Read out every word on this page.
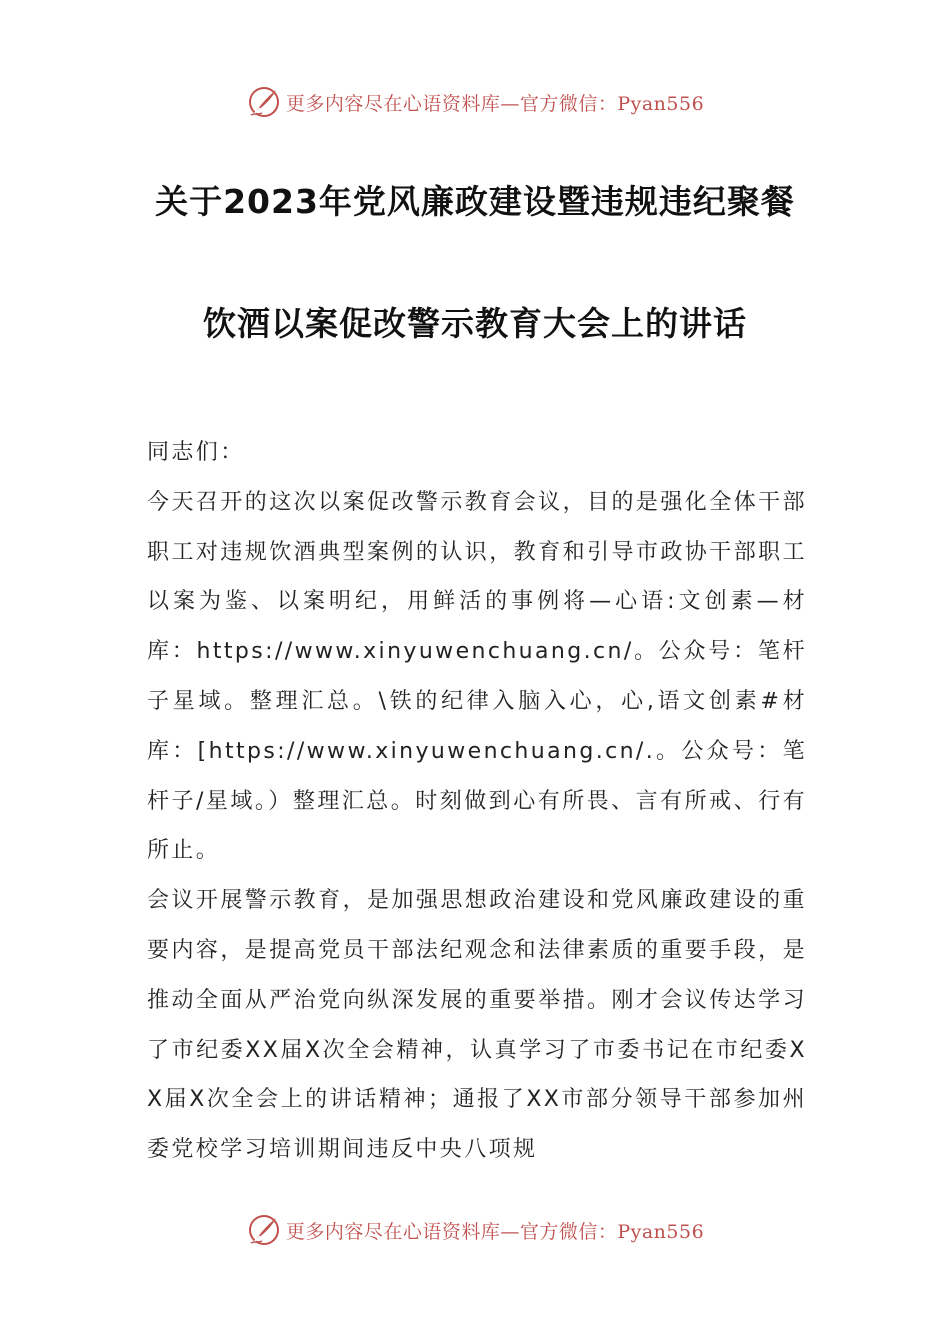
更多内容尽在心语资料库—官方微信：Pyan556
关于2023年党风廉政建设暨违规违纪聚餐
饮酒以案促改警示教育大会上的讲话

同志们：

今天召开的这次以案促改警示教育会议，目的是强化全体干部职工对违规饮酒典型案例的认识，教育和引导市政协干部职工以案为鉴、以案明纪，用鲜活的事例将—心语:文创素—材库：https://www.xinyuwenchuang.cn/。公众号：笔杆子星域。整理汇总。\铁的纪律入脑入心，心,语文创素#材库：[https://www.xinyuwenchuang.cn/.。公众号：笔杆子/星域。）整理汇总。时刻做到心有所畏、言有所戒、行有所止。

会议开展警示教育，是加强思想政治建设和党风廉政建设的重要内容，是提高党员干部法纪观念和法律素质的重要手段，是推动全面从严治党向纵深发展的重要举措。刚才会议传达学习了市纪委XX届X次全会精神，认真学习了市委书记在市纪委XX届X次全会上的讲话精神；通报了XX市部分领导干部参加州委党校学习培训期间违反中央八项规

更多内容尽在心语资料库—官方微信：Pyan556
